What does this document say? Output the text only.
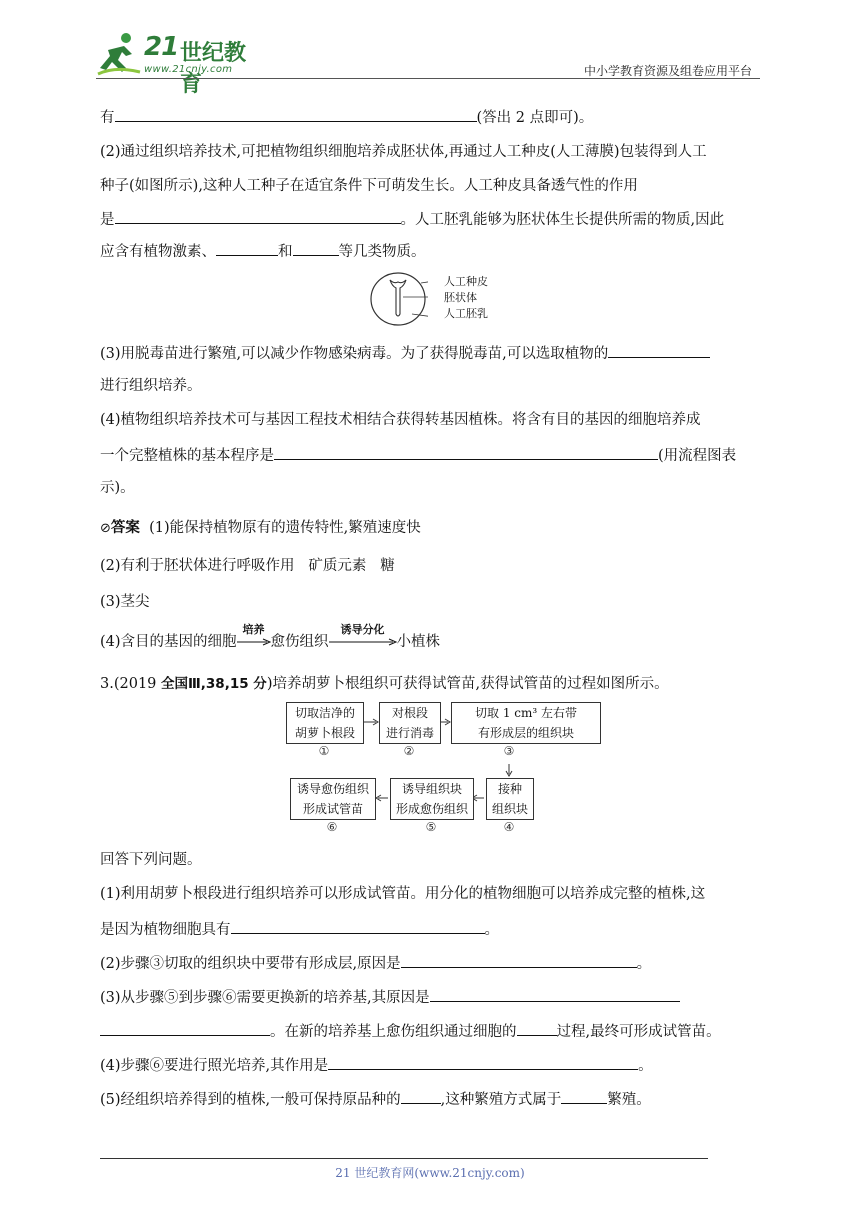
21 世纪教育
www.21cnjy.com	中小学教育资源及组卷应用平台
有	(答出 2 点即可)。
(2)通过组织培养技术,可把植物组织细胞培养成胚状体,再通过人工种皮(人工薄膜)包装得到人工
种子(如图所示),这种人工种子在适宜条件下可萌发生长。人工种皮具备透气性的作用
是	。人工胚乳能够为胚状体生长提供所需的物质,因此
应含有植物激素、	和	等几类物质。
人工种皮
胚状体
人工胚乳
(3)用脱毒苗进行繁殖,可以减少作物感染病毒。为了获得脱毒苗,可以选取植物的
进行组织培养。
(4)植物组织培养技术可与基因工程技术相结合获得转基因植株。将含有目的基因的细胞培养成
一个完整植株的基本程序是	(用流程图表
示)。
⊘答案 (1)能保持植物原有的遗传特性,繁殖速度快
(2)有利于胚状体进行呼吸作用 矿质元素 糖
(3)茎尖
(4)含目的基因的细胞
培养
愈伤组织
诱导分化
小植株
3.(2019 全国Ⅲ,38,15 分)培养胡萝卜根组织可获得试管苗,获得试管苗的过程如图所示。
切取洁净的
胡萝卜根段
①
对根段
进行消毒
②
切取 1 cm³ 左右带
有形成层的组织块
③
接种
组织块
④
诱导组织块
形成愈伤组织
⑤
诱导愈伤组织
形成试管苗
⑥
回答下列问题。
(1)利用胡萝卜根段进行组织培养可以形成试管苗。用分化的植物细胞可以培养成完整的植株,这
是因为植物细胞具有	。
(2)步骤③切取的组织块中要带有形成层,原因是	。
(3)从步骤⑤到步骤⑥需要更换新的培养基,其原因是
。在新的培养基上愈伤组织通过细胞的	过程,最终可形成试管苗。
(4)步骤⑥要进行照光培养,其作用是	。
(5)经组织培养得到的植株,一般可保持原品种的	,这种繁殖方式属于	繁殖。
21 世纪教育网(www.21cnjy.com)
